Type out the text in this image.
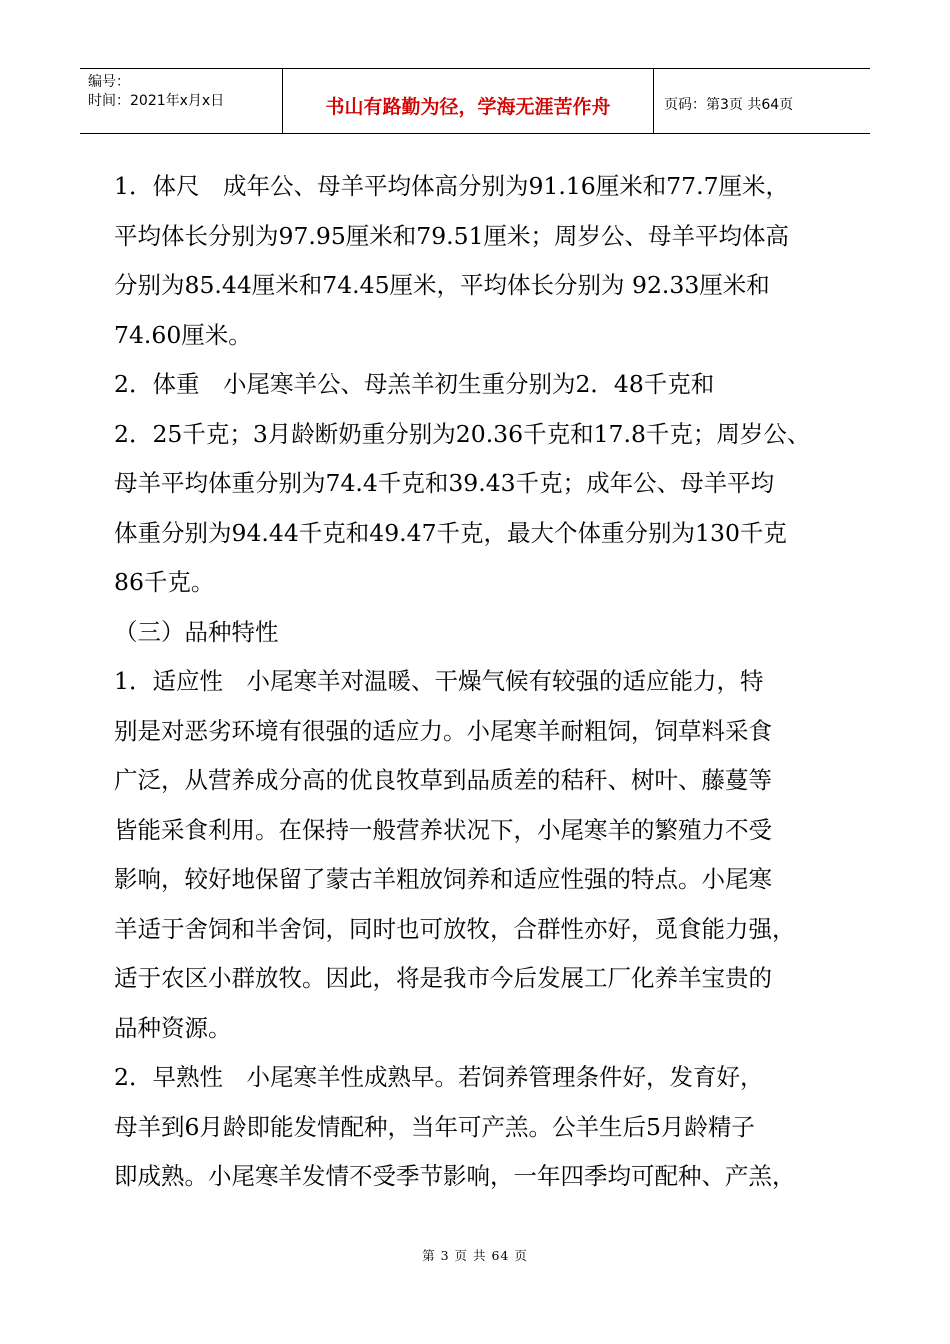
编号：
时间：2021年x月x日	书山有路勤为径，学海无涯苦作舟	页码：第3页 共64页
1．体尺　成年公、母羊平均体高分别为91.16厘米和77.7厘米，
平均体长分别为97.95厘米和79.51厘米；周岁公、母羊平均体高
分别为85.44厘米和74.45厘米，平均体长分别为 92.33厘米和
74.60厘米。
2．体重　小尾寒羊公、母羔羊初生重分别为2．48千克和
2．25千克；3月龄断奶重分别为20.36千克和17.8千克；周岁公、
母羊平均体重分别为74.4千克和39.43千克；成年公、母羊平均
体重分别为94.44千克和49.47千克，最大个体重分别为130千克
86千克。
（三）品种特性
1．适应性　小尾寒羊对温暖、干燥气候有较强的适应能力，特
别是对恶劣环境有很强的适应力。小尾寒羊耐粗饲，饲草料采食
广泛，从营养成分高的优良牧草到品质差的秸秆、树叶、藤蔓等
皆能采食利用。在保持一般营养状况下，小尾寒羊的繁殖力不受
影响，较好地保留了蒙古羊粗放饲养和适应性强的特点。小尾寒
羊适于舍饲和半舍饲，同时也可放牧，合群性亦好，觅食能力强，
适于农区小群放牧。因此，将是我市今后发展工厂化养羊宝贵的
品种资源。
2．早熟性　小尾寒羊性成熟早。若饲养管理条件好，发育好，
母羊到6月龄即能发情配种，当年可产羔。公羊生后5月龄精子
即成熟。小尾寒羊发情不受季节影响，一年四季均可配种、产羔，
第 3 页 共 64 页
